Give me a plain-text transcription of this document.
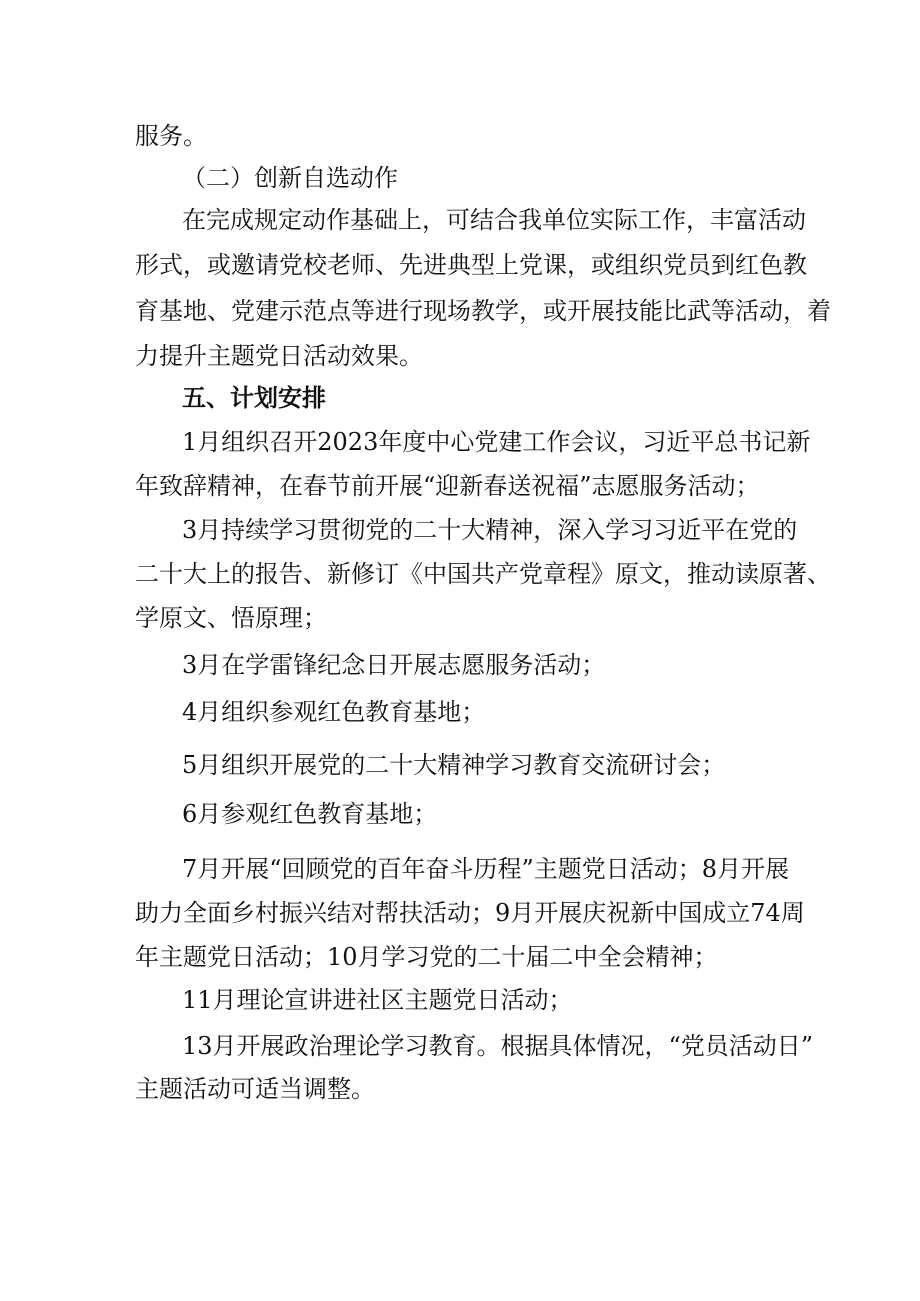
服务。
（二）创新自选动作
在完成规定动作基础上，可结合我单位实际工作，丰富活动
形式，或邀请党校老师、先进典型上党课，或组织党员到红色教
育基地、党建示范点等进行现场教学，或开展技能比武等活动，着
力提升主题党日活动效果。
五、计划安排
1月组织召开2023年度中心党建工作会议，习近平总书记新
年致辞精神，在春节前开展“迎新春送祝福”志愿服务活动；
3月持续学习贯彻党的二十大精神，深入学习习近平在党的
二十大上的报告、新修订《中国共产党章程》原文，推动读原著、
学原文、悟原理；
3月在学雷锋纪念日开展志愿服务活动；
4月组织参观红色教育基地；
5月组织开展党的二十大精神学习教育交流研讨会；
6月参观红色教育基地；
7月开展“回顾党的百年奋斗历程”主题党日活动；8月开展
助力全面乡村振兴结对帮扶活动；9月开展庆祝新中国成立74周
年主题党日活动；10月学习党的二十届二中全会精神；
11月理论宣讲进社区主题党日活动；
13月开展政治理论学习教育。根据具体情况，“党员活动日”
主题活动可适当调整。
